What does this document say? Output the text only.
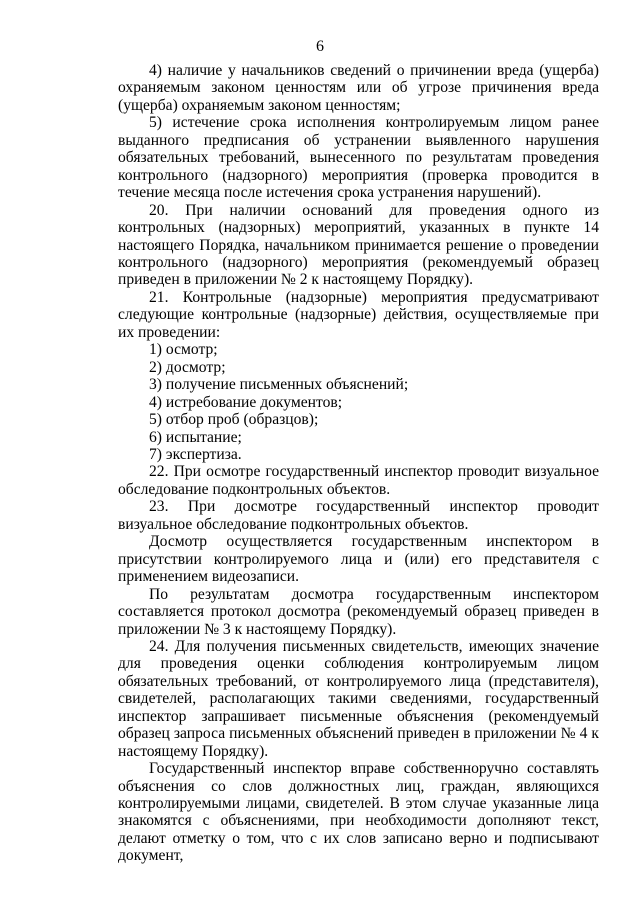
6

4) наличие у начальников сведений о причинении вреда (ущерба) охраняемым законом ценностям или об угрозе причинения вреда (ущерба) охраняемым законом ценностям;

5) истечение срока исполнения контролируемым лицом ранее выданного предписания об устранении выявленного нарушения обязательных требований, вынесенного по результатам проведения контрольного (надзорного) мероприятия (проверка проводится в течение месяца после истечения срока устранения нарушений).

20. При наличии оснований для проведения одного из контрольных (надзорных) мероприятий, указанных в пункте 14 настоящего Порядка, начальником принимается решение о проведении контрольного (надзорного) мероприятия (рекомендуемый образец приведен в приложении № 2 к настоящему Порядку).

21. Контрольные (надзорные) мероприятия предусматривают следующие контрольные (надзорные) действия, осуществляемые при их проведении:

1) осмотр;

2) досмотр;

3) получение письменных объяснений;

4) истребование документов;

5) отбор проб (образцов);

6) испытание;

7) экспертиза.

22. При осмотре государственный инспектор проводит визуальное обследование подконтрольных объектов.

23. При досмотре государственный инспектор проводит визуальное обследование подконтрольных объектов.

Досмотр осуществляется государственным инспектором в присутствии контролируемого лица и (или) его представителя с применением видеозаписи.

По результатам досмотра государственным инспектором составляется протокол досмотра (рекомендуемый образец приведен в приложении № 3 к настоящему Порядку).

24. Для получения письменных свидетельств, имеющих значение для проведения оценки соблюдения контролируемым лицом обязательных требований, от контролируемого лица (представителя), свидетелей, располагающих такими сведениями, государственный инспектор запрашивает письменные объяснения (рекомендуемый образец запроса письменных объяснений приведен в приложении № 4 к настоящему Порядку).

Государственный инспектор вправе собственноручно составлять объяснения со слов должностных лиц, граждан, являющихся контролируемыми лицами, свидетелей. В этом случае указанные лица знакомятся с объяснениями, при необходимости дополняют текст, делают отметку о том, что с их слов записано верно и подписывают документ,
